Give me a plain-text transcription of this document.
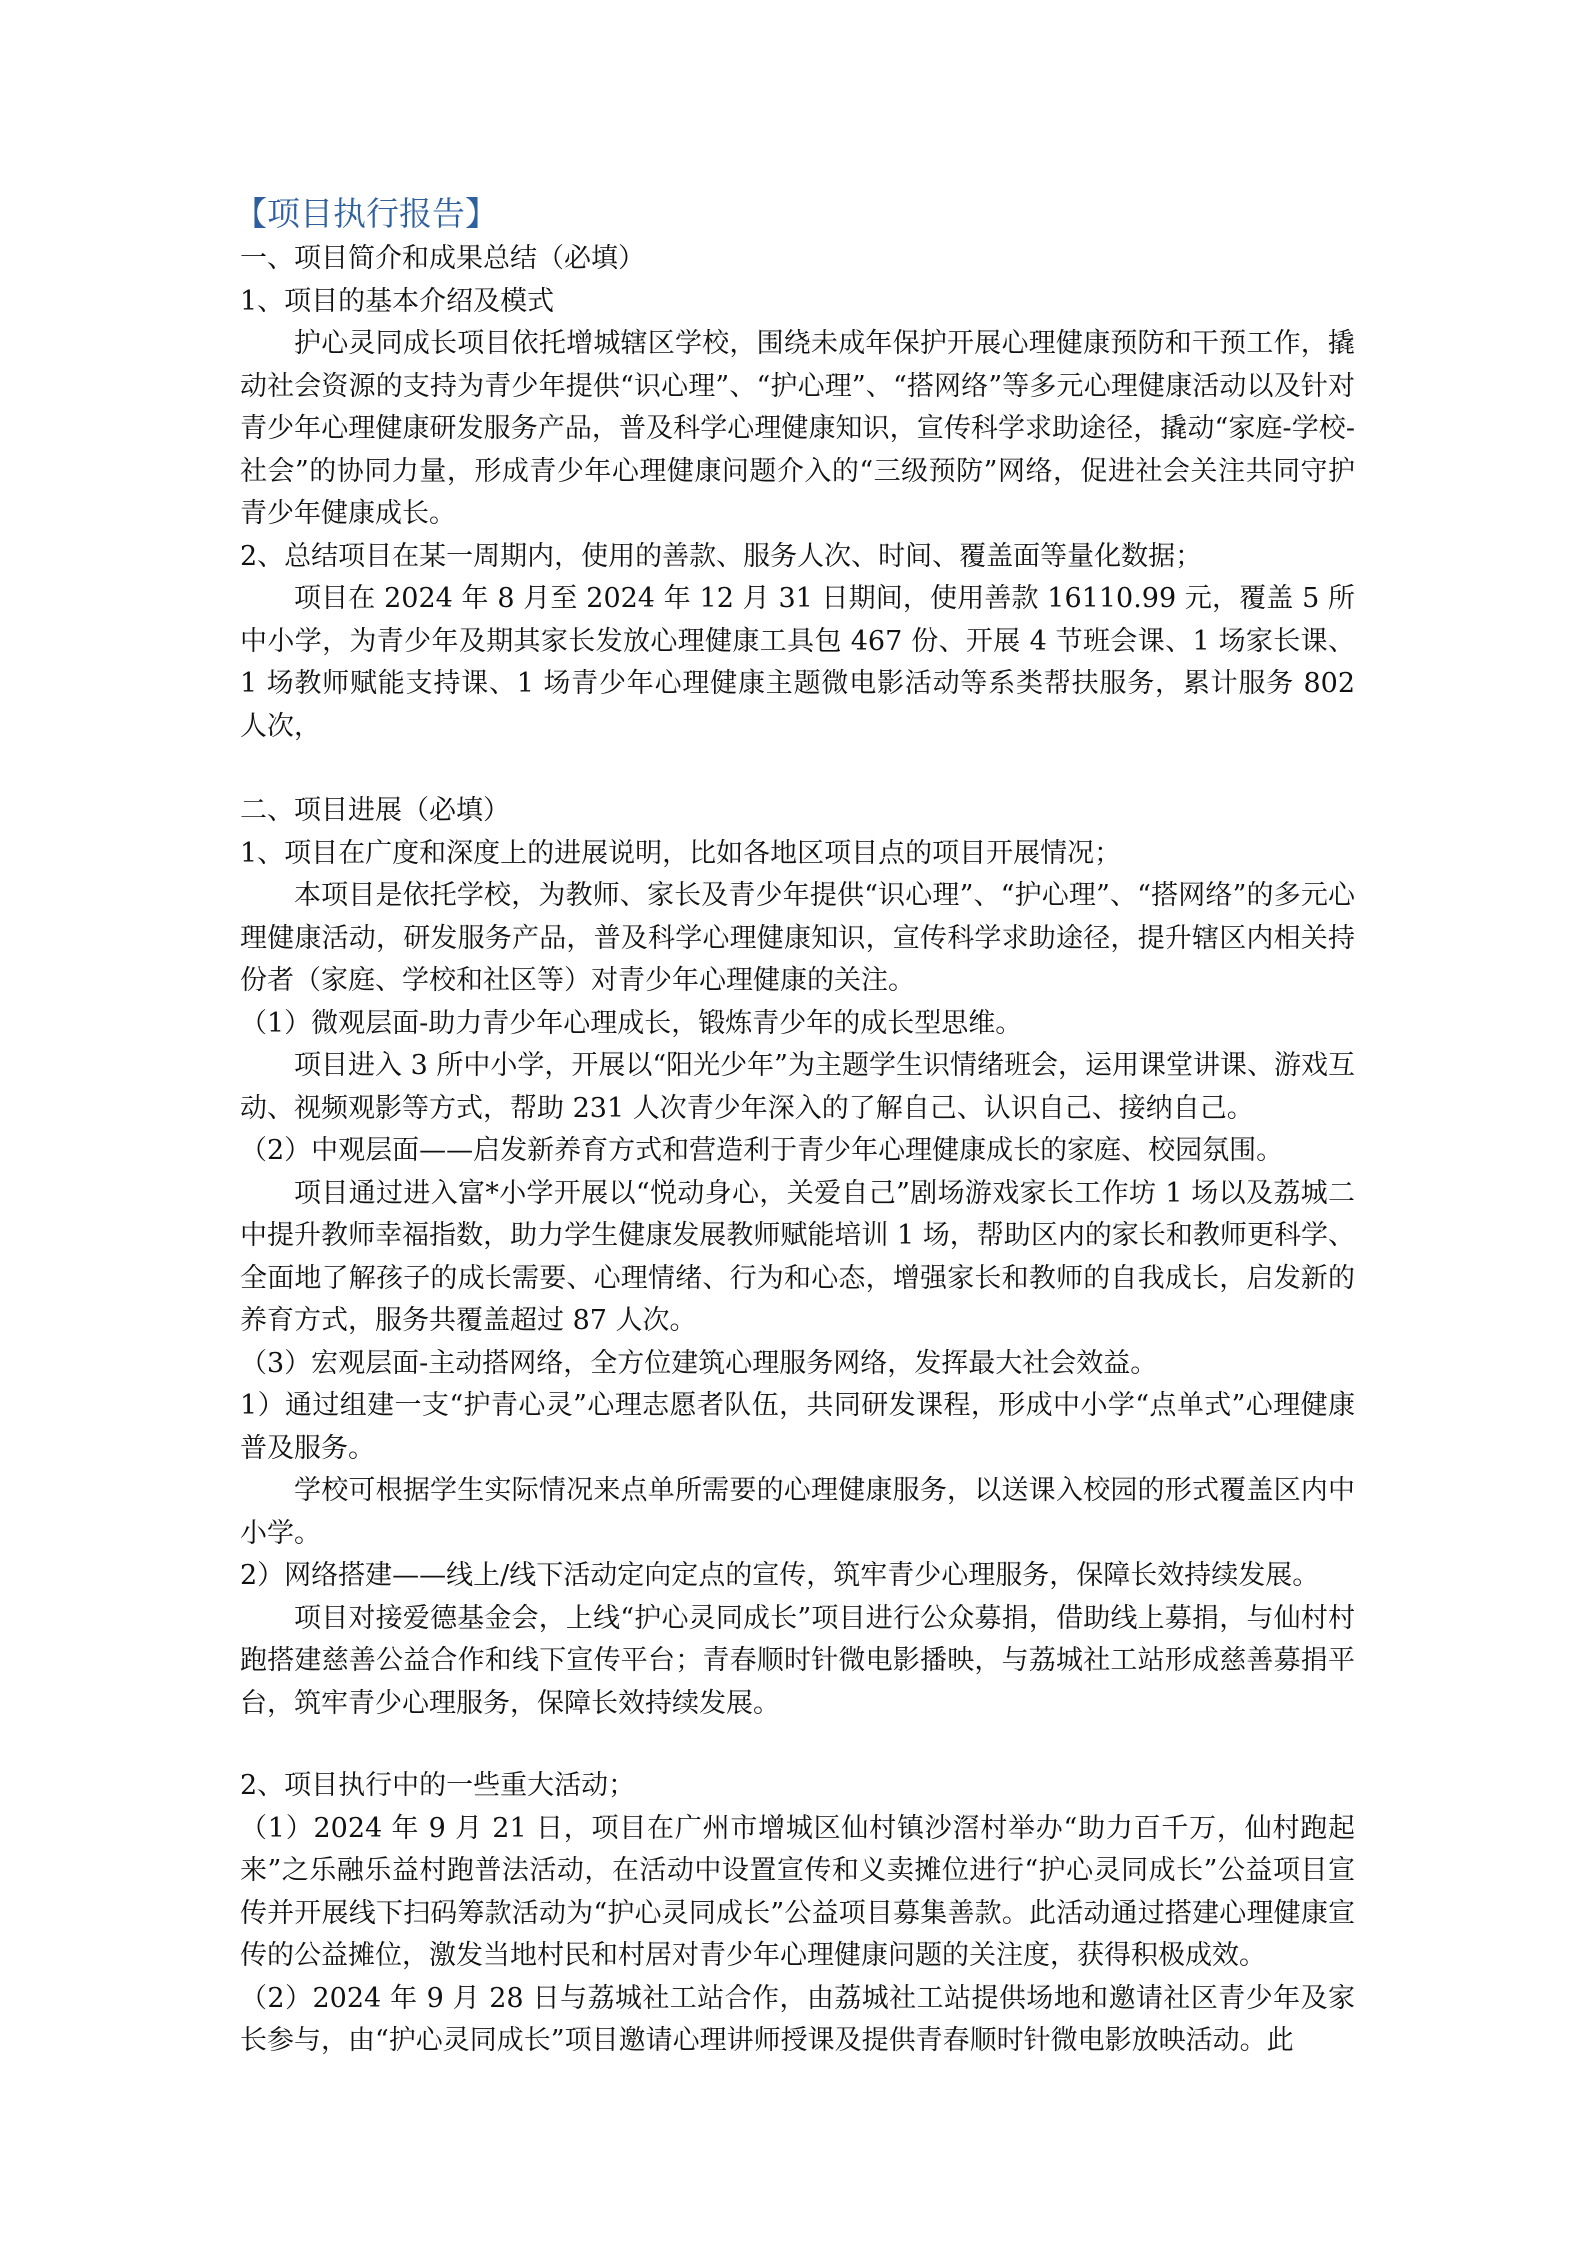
【项目执行报告】

一、项目简介和成果总结（必填）

1、项目的基本介绍及模式

护心灵同成长项目依托增城辖区学校，围绕未成年保护开展心理健康预防和干预工作，撬动社会资源的支持为青少年提供“识心理”、“护心理”、“搭网络”等多元心理健康活动以及针对青少年心理健康研发服务产品，普及科学心理健康知识，宣传科学求助途径，撬动“家庭-学校-社会”的协同力量，形成青少年心理健康问题介入的“三级预防”网络，促进社会关注共同守护青少年健康成长。

2、总结项目在某一周期内，使用的善款、服务人次、时间、覆盖面等量化数据；

项目在 2024 年 8 月至 2024 年 12 月 31 日期间，使用善款 16110.99 元，覆盖 5 所中小学，为青少年及期其家长发放心理健康工具包 467 份、开展 4 节班会课、1 场家长课、1 场教师赋能支持课、1 场青少年心理健康主题微电影活动等系类帮扶服务，累计服务 802 人次，

二、项目进展（必填）

1、项目在广度和深度上的进展说明，比如各地区项目点的项目开展情况；

本项目是依托学校，为教师、家长及青少年提供“识心理”、“护心理”、“搭网络”的多元心理健康活动，研发服务产品，普及科学心理健康知识，宣传科学求助途径，提升辖区内相关持份者（家庭、学校和社区等）对青少年心理健康的关注。

（1）微观层面-助力青少年心理成长，锻炼青少年的成长型思维。

项目进入 3 所中小学，开展以“阳光少年”为主题学生识情绪班会，运用课堂讲课、游戏互动、视频观影等方式，帮助 231 人次青少年深入的了解自己、认识自己、接纳自己。

（2）中观层面——启发新养育方式和营造利于青少年心理健康成长的家庭、校园氛围。

项目通过进入富*小学开展以“悦动身心，关爱自己”剧场游戏家长工作坊 1 场以及荔城二中提升教师幸福指数，助力学生健康发展教师赋能培训 1 场，帮助区内的家长和教师更科学、全面地了解孩子的成长需要、心理情绪、行为和心态，增强家长和教师的自我成长，启发新的养育方式，服务共覆盖超过 87 人次。

（3）宏观层面-主动搭网络，全方位建筑心理服务网络，发挥最大社会效益。

1）通过组建一支“护青心灵”心理志愿者队伍，共同研发课程，形成中小学“点单式”心理健康普及服务。

学校可根据学生实际情况来点单所需要的心理健康服务，以送课入校园的形式覆盖区内中小学。

2）网络搭建——线上/线下活动定向定点的宣传，筑牢青少心理服务，保障长效持续发展。

项目对接爱德基金会，上线“护心灵同成长”项目进行公众募捐，借助线上募捐，与仙村村跑搭建慈善公益合作和线下宣传平台；青春顺时针微电影播映，与荔城社工站形成慈善募捐平台，筑牢青少心理服务，保障长效持续发展。

2、项目执行中的一些重大活动；

（1）2024 年 9 月 21 日，项目在广州市增城区仙村镇沙滘村举办“助力百千万，仙村跑起来”之乐融乐益村跑普法活动，在活动中设置宣传和义卖摊位进行“护心灵同成长”公益项目宣传并开展线下扫码筹款活动为“护心灵同成长”公益项目募集善款。此活动通过搭建心理健康宣传的公益摊位，激发当地村民和村居对青少年心理健康问题的关注度，获得积极成效。

（2）2024 年 9 月 28 日与荔城社工站合作，由荔城社工站提供场地和邀请社区青少年及家长参与，由“护心灵同成长”项目邀请心理讲师授课及提供青春顺时针微电影放映活动。此
